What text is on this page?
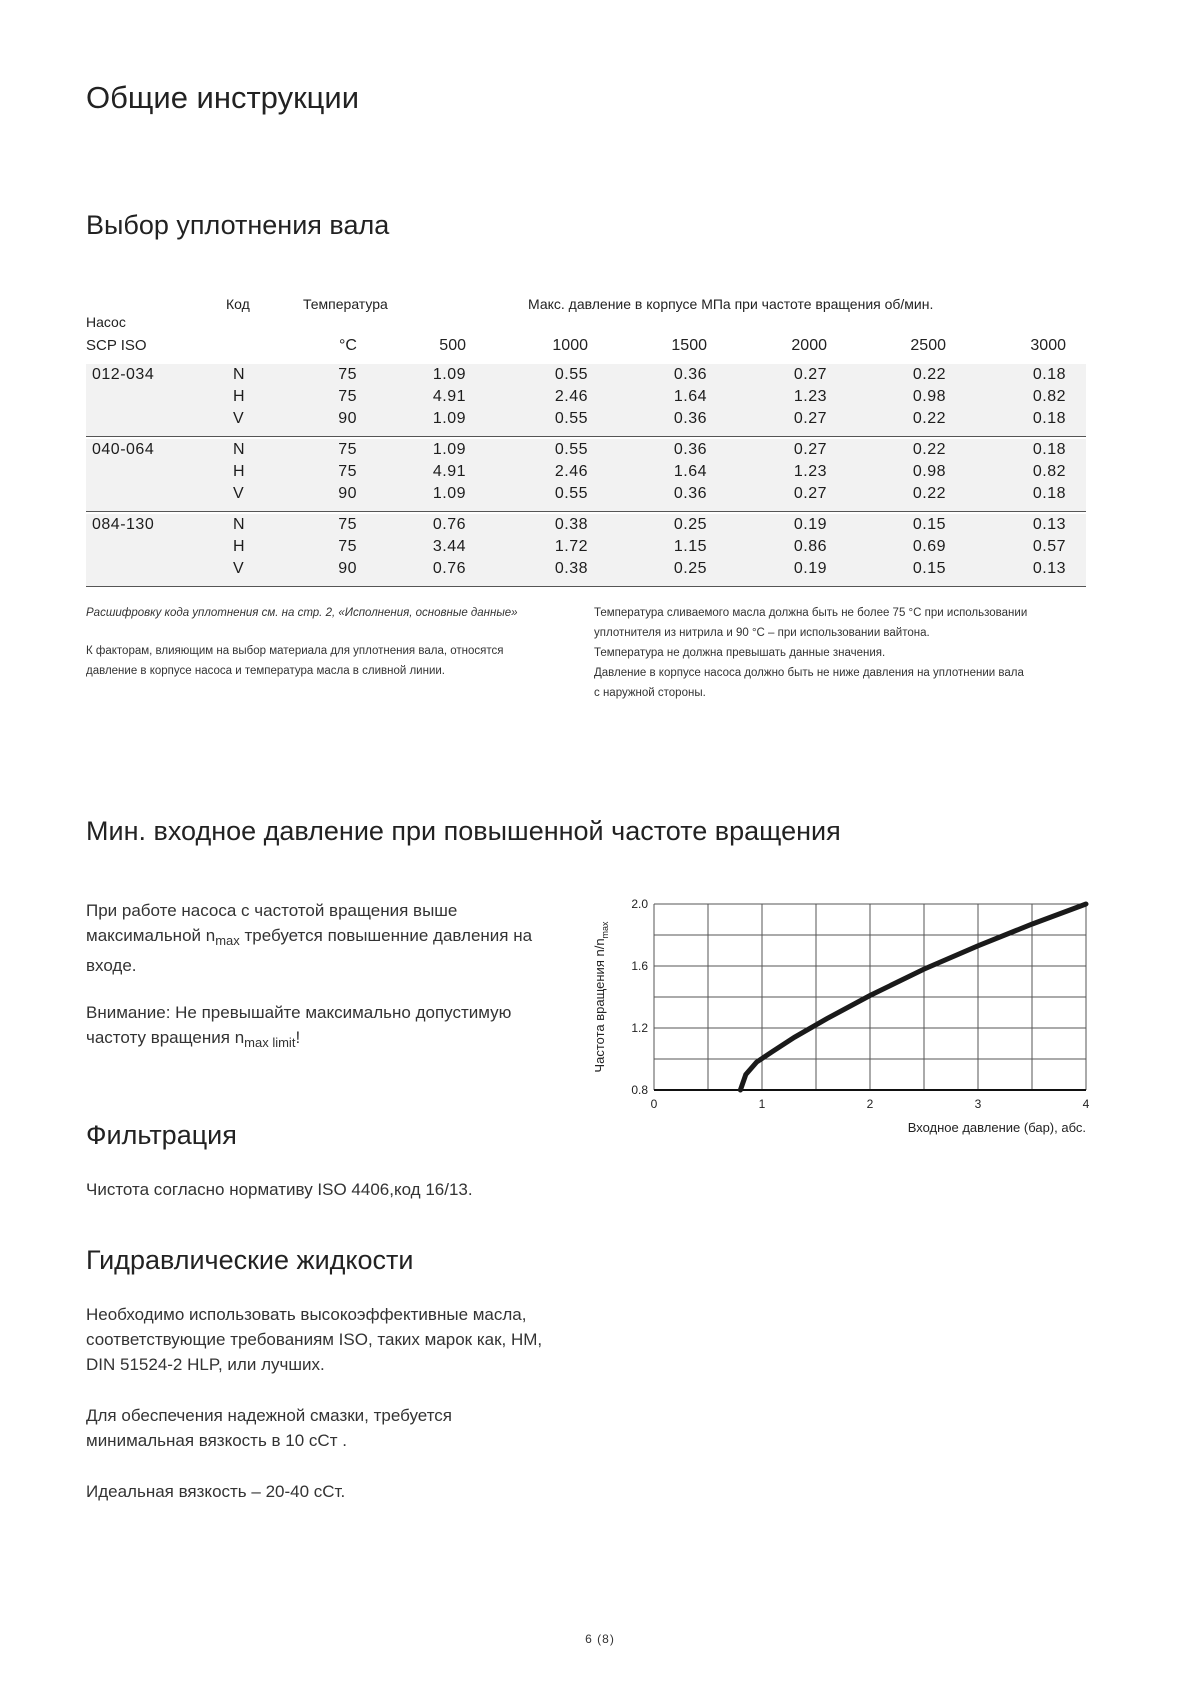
Общие инструкции
Выбор уплотнения вала
Насос
SCP ISO
Код	Температура
°C
Макс. давление в корпусе МПа при частоте вращения об/мин.
500	1000	1500	2000	2500	3000
012-034	N	75	1.09	0.55	0.36	0.27	0.22	0.18
H	75	4.91	2.46	1.64	1.23	0.98	0.82
V	90	1.09	0.55	0.36	0.27	0.22	0.18
040-064	N	75	1.09	0.55	0.36	0.27	0.22	0.18
H	75	4.91	2.46	1.64	1.23	0.98	0.82
V	90	1.09	0.55	0.36	0.27	0.22	0.18
084-130	N	75	0.76	0.38	0.25	0.19	0.15	0.13
H	75	3.44	1.72	1.15	0.86	0.69	0.57
V	90	0.76	0.38	0.25	0.19	0.15	0.13
Расшифровку кода уплотнения см. на стр. 2, «Исполнения, основные данные»
К факторам, влияющим на выбор материала для уплотнения вала, относятся
давление в корпусе насоса и температура масла в сливной линии.
Температура сливаемого масла должна быть не более 75 °C при использовании
уплотнителя из нитрила и 90 °C – при использовании вайтона.
Температура не должна превышать данные значения.
Давление в корпусе насоса должно быть не ниже давления на уплотнении вала
с наружной стороны.
Мин. входное давление при повышенной частоте вращения
При работе насоса с частотой вращения выше
максимальной $n_{max}$ требуется повышенние давления на
входе.
Внимание: Не превышайте максимально допустимую
частоту вращения $n_{max limit}$!
0	1	2	3	4
0.8
1.2
1.6
2.0
Входное давление (бар), абс.
Частота вращения $n/n_{max}$
Фильтрация
Чистота согласно нормативу ISO 4406,код 16/13.
Гидравлические жидкости
Необходимо использовать высокоэффективные масла,
соответствующие требованиям ISO, таких марок как, HM,
DIN 51524-2 HLP, или лучших.
Для обеспечения надежной смазки, требуется
минимальная вязкость в 10 сСт .
Идеальная вязкость – 20-40 сСт.
6 (8)
